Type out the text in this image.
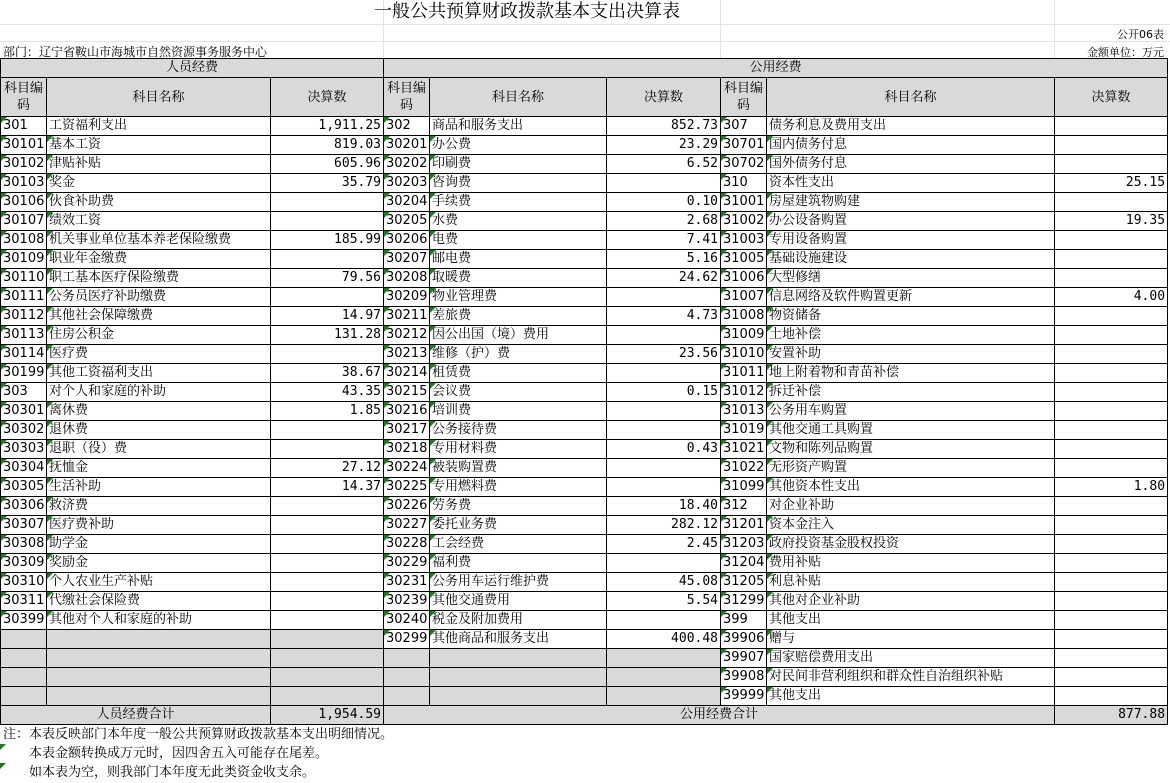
一般公共预算财政拨款基本支出决算表
公开06表
部门：辽宁省鞍山市海城市自然资源事务服务中心	金额单位：万元
人员经费			公用经费					
科目编码	科目名称	决算数	科目编码	科目名称	决算数	科目编码	科目名称	决算数
301	工资福利支出	1,911.25	302	商品和服务支出	852.73	307	债务利息及费用支出	
30101	基本工资	819.03	30201	办公费	23.29	30701	国内债务付息	
30102	津贴补贴	605.96	30202	印刷费	6.52	30702	国外债务付息	
30103	奖金	35.79	30203	咨询费		310	资本性支出	25.15
30106	伙食补助费		30204	手续费	0.10	31001	房屋建筑物购建	
30107	绩效工资		30205	水费	2.68	31002	办公设备购置	19.35
30108	机关事业单位基本养老保险缴费	185.99	30206	电费	7.41	31003	专用设备购置	
30109	职业年金缴费		30207	邮电费	5.16	31005	基础设施建设	
30110	职工基本医疗保险缴费	79.56	30208	取暖费	24.62	31006	大型修缮	
30111	公务员医疗补助缴费		30209	物业管理费		31007	信息网络及软件购置更新	4.00
30112	其他社会保障缴费	14.97	30211	差旅费	4.73	31008	物资储备	
30113	住房公积金	131.28	30212	因公出国（境）费用		31009	土地补偿	
30114	医疗费		30213	维修（护）费	23.56	31010	安置补助	
30199	其他工资福利支出	38.67	30214	租赁费		31011	地上附着物和青苗补偿	
303	对个人和家庭的补助	43.35	30215	会议费	0.15	31012	拆迁补偿	
30301	离休费	1.85	30216	培训费		31013	公务用车购置	
30302	退休费		30217	公务接待费		31019	其他交通工具购置	
30303	退职（役）费		30218	专用材料费	0.43	31021	文物和陈列品购置	
30304	抚恤金	27.12	30224	被装购置费		31022	无形资产购置	
30305	生活补助	14.37	30225	专用燃料费		31099	其他资本性支出	1.80
30306	救济费		30226	劳务费	18.40	312	对企业补助	
30307	医疗费补助		30227	委托业务费	282.12	31201	资本金注入	
30308	助学金		30228	工会经费	2.45	31203	政府投资基金股权投资	
30309	奖励金		30229	福利费		31204	费用补贴	
30310	个人农业生产补贴		30231	公务用车运行维护费	45.08	31205	利息补贴	
30311	代缴社会保险费		30239	其他交通费用	5.54	31299	其他对企业补助	
30399	其他对个人和家庭的补助		30240	税金及附加费用		399	其他支出	
			30299	其他商品和服务支出	400.48	39906	赠与	
						39907	国家赔偿费用支出	
						39908	对民间非营利组织和群众性自治组织补贴	
						39999	其他支出	
人员经费合计		1,954.59	公用经费合计					877.88
注：本表反映部门本年度一般公共预算财政拨款基本支出明细情况。
本表金额转换成万元时，因四舍五入可能存在尾差。
如本表为空，则我部门本年度无此类资金收支余。
